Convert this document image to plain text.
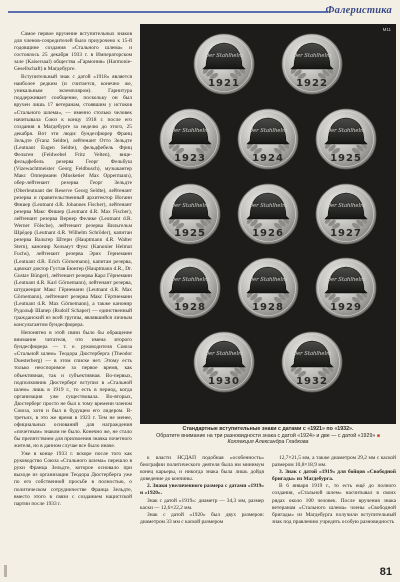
Фалеристика

Самое первое вручение вступительных знаков для членов-сочредителей было приурочено к 15-й годовщине создания «Стального шлема» и состоялось 25 декабря 1933 г. в Императорском зале (Kaisersaal) общества «Гармония» (Harmonie-Gesellschaft) в Магдебурге.

Вступительный знак с датой «1918» является наиболее редким (и считается, конечно же, уникальным экземпляром). Гарнитура поддерживает сообщение, поскольку он был вручен лишь 17 ветеранам, стоявшим у истоков «Стального шлема», — именно столько человек начитывала Союз к концу 1918 г. после его создания в Магдебурге за неделю до этого, 25 декабря. Вот эти люди: бундесфюрер Франц Зельдте (Franz Seldte), лейтенант Отто Зельдте (Leutnant Eugen Seldte), фельдфебель Фриц Фельтен (Feldwebel Fritz Velten), вице-фельдфебель резерва Георг Фельбуш (Vizewachtmeister Georg Feldbusch), музыкантер Макс Опперманн (Musketier Max Oppermann), обер-лейтенант резерва Георг Зельдте (Oberleutnant der Reserve Georg Seldte), лейтенант резерва и правительственный архитектор Иоганн Фишер (Leutnant d.R. Johannes Fischer), лейтенант резерва Макс Фишер (Leutnant d.R. Max Fischer), лейтенант резерва Вернер Фелике (Leutnant d.R. Werner Fölsche), лейтенант резерва Вильгельм Шрёдер (Leutnant d.R. Wilhelm Schröder), капитан резерва Вальтер Штерн (Hauptmann d.R. Walter Stern), канонир Хельмут Фукс (Kanonier Helmut Fuchs), лейтенант резерва Эрих Гернеманн (Leutnant d.R. Erich Görnemann), капитан резерва, адвокат доктор Густав Бюнгер (Hauptmann d.R., Dr. Gustav Bünger), лейтенант резерва Карл Гёрнеманн (Leutnant d.R. Karl Görnemann), лейтенант резерва, штудиенрат Макс Гёрнеманн (Leutnant d.R. Max Görnemann), лейтенант резерва Макс Гёртнеманн (Leutnant d.R. Max Görnemann), а также канонир Рудольф Шапер (Rudolf Schaper) — единственный гражданский из всей группы, являвшийся личным консультантом бундесфюрера.

Непонятно в этой связи было бы обращение внимание читателя, что имена второго бундесфюрера — т. е. руководителя Союза «Стальной шлем» Теодора Дюстерберга (Theodor Duesterberg) — в этом списке нет. Этому есть только неоспоримое за первое время, как объективная, так и субъективная. Во-первых, подполковник Дюстерберг вступил в «Стальной шлем» лишь в 1919 г., то есть в период, когда организация уже существовала. Во-вторых, Дюстерберг просто не был к тому времени членом Союза, хотя и был в будущем его лидером. В-третьих, в это же время в 1923 г. Тем не менее, официальных оснований для награждения «почетным» знаком не было. Конечно же, не стало бы препятствием для присвоения значка почетного жителя, но в данном случае все было иначе.

Уже в конце 1933 г. вскоре после того как руководство Союза «Стального шлема» перешло в руки Франца Зельдте, которое основало при выходе из организации Теодора Дюстерберга уже по его собственной просьбе в полностью, о политическом сотрудничестве Франца Зельдте, вместо этого в связи с созданием нацистской партии после 1933 г.

Der Stahlhelm
1921
Der Stahlhelm
1922
Der Stahlhelm
1923
Der Stahlhelm
1924
Der Stahlhelm
1925
Der Stahlhelm
1925
Der Stahlhelm
1926
Der Stahlhelm
1927
Der Stahlhelm
1928
Der Stahlhelm
1928
Der Stahlhelm
1929
Der Stahlhelm
1930
Der Stahlhelm
1932
М11
Стандартные вступительные знаки с датами с «1921» по «1932».
Обратите внимание на три разновидности знака с датой «1924» и две — с датой «1929» ■
Коллекция Александра Гладкова

к власти НСДАП подобная «особенность» биографии политического деятеля была им минимум конец карьеры, и никогда знака была лишь дойдя доведение до кончины.

2. Знаки увеличенного размера с датами «1919» и «1920».

Знак с датой «1919»: диаметр — 34,3 мм, размер каски — 12,6×22,2 мм.

Знак с датой «1920» был двух размеров: диаметром 33 мм с каской размером

12,7×21,5 мм, а также диаметром 29,2 мм с каской размером 10,8×18,9 мм.

3. Знак с датой «1919» для бойцов «Свободной бригады» из Магдебурга.

В 6 января 1919 г., то есть ещё до полного создания, «Стальной шлем» насчитывал в своих рядах около 100 человек. После вручения знака ветеранам «Стального шлема» члены «Свободной бригады» из Магдебурга получили вступительный знак под правлению учредить особую разновидность

81
